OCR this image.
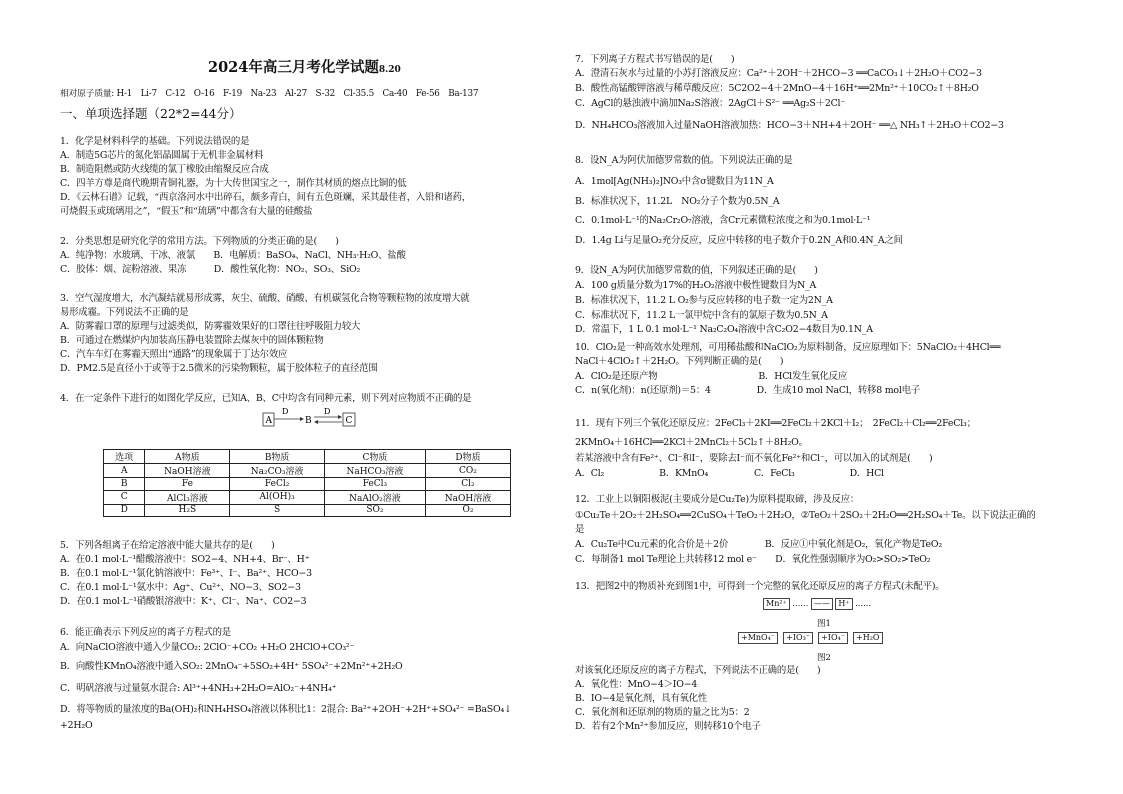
2024年高三月考化学试题8.20
相对原子质量: H-1　Li-7　C-12　O-16　F-19　Na-23　Al-27　S-32　Cl-35.5　Ca-40　Fe-56　Ba-137
一、单项选择题（22*2=44分）
1．化学是材料科学的基础。下列说法错误的是
A．制造5G芯片的氮化铝晶圆属于无机非金属材料
B．制造阻燃或防火线缆的氯丁橡胶由缩聚反应合成
C．四羊方尊是商代晚期青铜礼器，为十大传世国宝之一，制作其材质的熔点比铜的低
D．《云林石谱》记载，“西京洛河水中出碎石，颇多青白，间有五色斑斓，采其最佳者，入铅和诸药，
可烧假玉或琉璃用之”，“假玉”和“琉璃”中都含有大量的硅酸盐
2．分类思想是研究化学的常用方法。下列物质的分类正确的是(　　)
A．纯净物：水玻璃、干冰、液氯　　B．电解质：BaSO₄、NaCl、NH₃·H₂O、盐酸
C．胶体：烟、淀粉溶液、果冻　　　D．酸性氧化物：NO₂、SO₃、SiO₂
3．空气湿度增大，水汽凝结就易形成雾，灰尘、硫酸、硝酸、有机碳氢化合物等颗粒物的浓度增大就
易形成霾。下列说法不正确的是
A．防雾霾口罩的原理与过滤类似，防雾霾效果好的口罩往往呼吸阻力较大
B．可通过在燃煤炉内加装高压静电装置除去煤灰中的固体颗粒物
C．汽车车灯在雾霾天照出“通路”的现象属于丁达尔效应
D．PM2.5是直径小于或等于2.5微米的污染物颗粒，属于胶体粒子的直径范围
4．在一定条件下进行的如图化学反应，已知A、B、C中均含有同种元素，则下列对应物质不正确的是
A
D
B
D
C
选项	A物质	B物质	C物质	D物质
A	NaOH溶液	Na₂CO₃溶液	NaHCO₃溶液	CO₂
B	Fe	FeCl₂	FeCl₃	Cl₂
C	AlCl₃溶液	Al(OH)₃	NaAlO₂溶液	NaOH溶液
D	H₂S	S	SO₂	O₂
5．下列各组离子在给定溶液中能大量共存的是(　　)
A．在0.1 mol·L⁻¹醋酸溶液中：SO2−4、NH+4、Br⁻、H⁺
B．在0.1 mol·L⁻¹氯化钠溶液中：Fe³⁺、I⁻、Ba²⁺、HCO−3
C．在0.1 mol·L⁻¹氨水中：Ag⁺、Cu²⁺、NO−3、SO2−3
D．在0.1 mol·L⁻¹硝酸银溶液中：K⁺、Cl⁻、Na⁺、CO2−3
6．能正确表示下列反应的离子方程式的是
A．向NaClO溶液中通入少量CO₂: 2ClO⁻+CO₂ +H₂O 2HClO+CO₃²⁻
B．向酸性KMnO₄溶液中通入SO₂: 2MnO₄⁻+5SO₂+4H⁺ 5SO₄²⁻+2Mn²⁺+2H₂O
C．明矾溶液与过量氨水混合: Al³⁺+4NH₃+2H₂O=AlO₂⁻+4NH₄⁺
D．将等物质的量浓度的Ba(OH)₂和NH₄HSO₄溶液以体积比1：2混合: Ba²⁺+2OH⁻+2H⁺+SO₄²⁻ =BaSO₄↓
+2H₂O
7．下列离子方程式书写错误的是(　　)
A．澄清石灰水与过量的小苏打溶液反应：Ca²⁺＋2OH⁻＋2HCO−3 ══CaCO₃↓＋2H₂O＋CO2−3
B．酸性高锰酸钾溶液与稀草酸反应：5C2O2−4＋2MnO−4＋16H⁺══2Mn²⁺＋10CO₂↑＋8H₂O
C．AgCl的悬浊液中滴加Na₂S溶液：2AgCl＋S²⁻ ══Ag₂S＋2Cl⁻
D．NH₄HCO₃溶液加入过量NaOH溶液加热：HCO−3＋NH+4＋2OH⁻ ══△ NH₃↑＋2H₂O＋CO2−3
8．设N_A为阿伏加德罗常数的值。下列说法正确的是
A．1mol[Ag(NH₃)₂]NO₃中含σ键数目为11N_A
B．标准状况下，11.2L　NO₂分子个数为0.5N_A
C．0.1mol·L⁻¹的Na₂Cr₂O₇溶液，含Cr元素微粒浓度之和为0.1mol·L⁻¹
D．1.4g Li与足量O₂充分反应，反应中转移的电子数介于0.2N_A和0.4N_A之间
9．设N_A为阿伏加德罗常数的值，下列叙述正确的是(　　)
A．100 g质量分数为17%的H₂O₂溶液中极性键数目为N_A
B．标准状况下，11.2 L O₂参与反应转移的电子数一定为2N_A
C．标准状况下，11.2 L一氯甲烷中含有的氯原子数为0.5N_A
D．常温下，1 L 0.1 mol·L⁻¹ Na₂C₂O₄溶液中含C₂O2−4数目为0.1N_A
10．ClO₂是一种高效水处理剂，可用稀盐酸和NaClO₂为原料制备，反应原理如下：5NaClO₂＋4HCl══
NaCl＋4ClO₂↑＋2H₂O。下列判断正确的是(　　)
A．ClO₂是还原产物　　　　　　　　　　　B．HCl发生氧化反应
C．n(氧化剂)：n(还原剂)＝5：4　　　　　D．生成10 mol NaCl，转移8 mol电子
11．现有下列三个氧化还原反应：2FeCl₃＋2KI══2FeCl₂＋2KCl＋I₂；　2FeCl₂＋Cl₂══2FeCl₃；
2KMnO₄＋16HCl══2KCl＋2MnCl₂＋5Cl₂↑＋8H₂O。
若某溶液中含有Fe²⁺、Cl⁻和I⁻，要除去I⁻而不氧化Fe²⁺和Cl⁻，可以加入的试剂是(　　)
A．Cl₂　　　　　　B．KMnO₄　　　　　C．FeCl₃　　　　　　D．HCl
12．工业上以铜阳极泥(主要成分是Cu₂Te)为原料提取碲，涉及反应：
①Cu₂Te＋2O₂＋2H₂SO₄══2CuSO₄＋TeO₂＋2H₂O，②TeO₂＋2SO₂＋2H₂O══2H₂SO₄＋Te。以下说法正确的
是
A．Cu₂Te中Cu元素的化合价是＋2价　　　　B．反应①中氧化剂是O₂，氧化产物是TeO₂
C．每制备1 mol Te理论上共转移12 mol e⁻　　D．氧化性强弱顺序为O₂>SO₂>TeO₂
13．把图2中的物质补充到图1中，可得到一个完整的氧化还原反应的离子方程式(未配平)。
Mn²⁺ …… —— H⁺ ……
图1
+MnO₄⁻ +IO₃⁻ +IO₄⁻ +H₂O
图2
对该氧化还原反应的离子方程式，下列说法不正确的是(　　)
A．氧化性：MnO−4＞IO−4
B．IO−4是氧化剂，具有氧化性
C．氧化剂和还原剂的物质的量之比为5：2
D．若有2个Mn²⁺参加反应，则转移10个电子
